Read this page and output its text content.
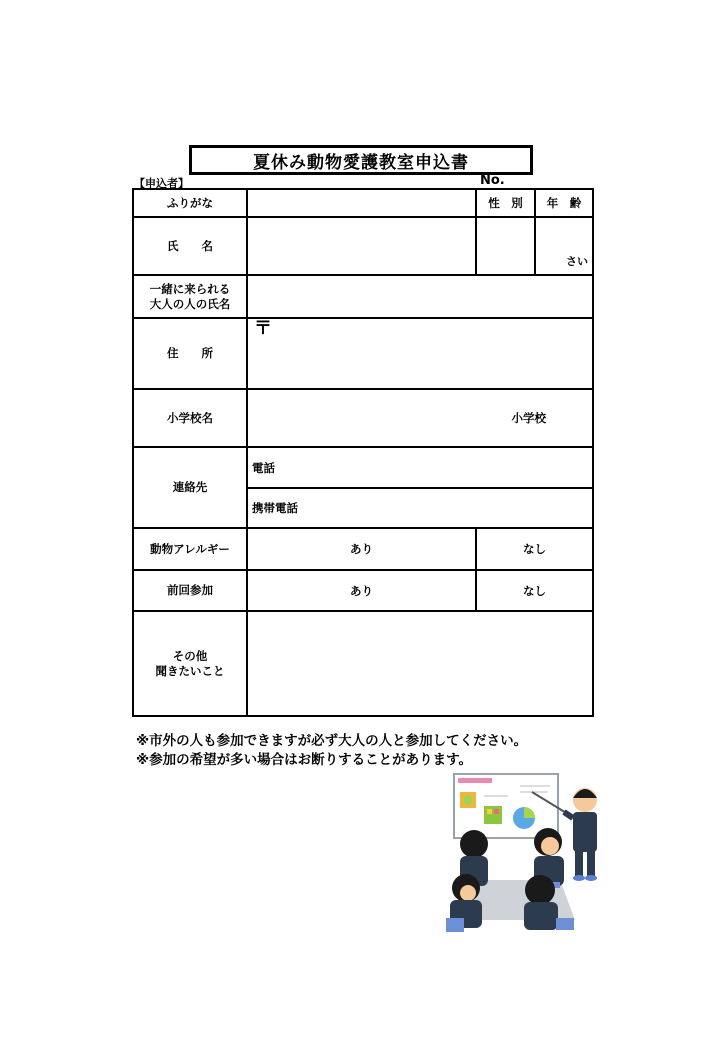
夏休み動物愛護教室申込書
【申込者】	No.
ふりがな		性　別	年　齢
氏　　名			さい

一緒に来られる
大人の人の氏名			
住　　所	〒		

小学校名	小学校		

連絡先	電話		
	携帯電話		
動物アレルギー	あり	なし	
前回参加	あり	なし	
その他
聞きたいこと			
※市外の人も参加できますが必ず大人の人と参加してください。
※参加の希望が多い場合はお断りすることがあります。
